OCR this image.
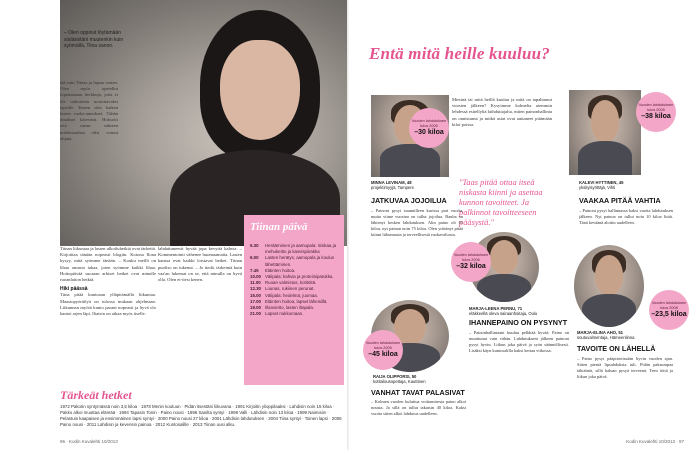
– Olen oppinut löytämään sisäisistäni muutenkin kuin syömällä, Tiina sanoo.
tää vain Tiinaa ja lapsia varten. Olen myös opetellut lopettamaan herkkuja, joita ei ole tarkoitettu nostettavaksi lapsille. Ennen söin kaiken lasten ruoka-annokset. Tähän ilmakset kätevästi. Hoksotti että ruoan suhteen mielenrauhaa olisi voinut ohjata.
Tiinan liikuntaa ja lasten ulkoiluhetkiä ovat tärkeitä. Kirjoittaa tänään nopeasti blogiin. Kotona Ilona kysyy, mitä syömme tänään. – Kouku meilli on lihaa omasta takaa, joten syömme kaikki lihaa. Hoitopäivää suoraan arkiset hetket ovat minulle ruoanlaiton hetkiä.
Hiki päässä
Tiina pitää kuntoaan ylläpitämällä liikuntaa. Maastopyöräilyä on tulossa mukaan ohjelmaan. Liikunnan myötä kunto parani nopeasti ja hyvä olo kantoi arjen läpi. Iltaisin on aikaa myös itselle.
lahdattuneesti hyvää jopa kevyttä kahvia. – Kommentointi vähenee huomaamatta. Lasten kanssa ovat kaikki loistavat hetket. Tiinan puoliso on tukenut. – Jo tiedä, tärkeintä kuin vaa'an lukemat on se, että minulla on hyvä olla. Olen ei-tiesi kenen.
Tiinan päivä
5.30	Heräämimen ja aamupala: riisikaa ja mehukeitto ja kasvispiirakka
6.00	Lasten herätys, aamupala ja koulun lähettäminen.
7.45	Eläinten hoitoa.
10.00 Välipala: kahvia ja proteiinipatukka.
11.00 Ruoan valmistus, kotitöitä.
12.30 Lounas, rukiinen perunat.
15.00 Välipala: hedelmä, juomaa.
17.00 Eläinten hoitoa, lapset läheisillä.
19.00 Illanvietto, lasten iltapala.
21.00 Lapset nukkumaan.
Tärkeät hetket
1972 Pakotin syntymässä noin 3,5 kiloa · 1978 Menin kouluun · Pidän itsestäni liikuvana · 1991 Kirjoitin ylioppilaaksi · Lahdisin noin 15 kiloa · Pakko alkoi muuttaa elämää · 1994 Tapasin Tonin · Paino nousi · 1996 Sanilta syntyi · 1998 Valli · Lähdisin noin 13 kiloa · 1999 Naimisiin · Pelastuin kaapaisen ja ensimmäinen lapsi syntyi · 2000 Paino nousi 27 kiloa · 2001 Lähdisin lahdutuksen · 2004 Tiina syntyi · Toinen lapsi · 2006 Paino nousi · 2011 Lahdisin ja kevensin painoa · 2012 Kuntosalille · 2013 Tiinan uusi alku.
96 · Kodin Kuvalehti 10/2013
Entä mitä heille kuuluu?
Mietinä tai mitä heillä kuuluu ja mitä on tapahtunut vuosien jälkeen? Kysyimme kolmelta aiemmin lehdessä esitellyltä laihduttajalta, miten painonhallinta on onnistunut ja mitkä asiat ovat auttaneet pitämään kilot poissa.
"Taas pitää ottaa itseä niskasta kiinni ja asettaa kunnon tavoitteet. Ja palkinnot tavoitteeseen pääsystä."
Vuoden lahdutuksen tulos 2005
–30 kiloa
MINNA LEVINAM, 48
projektimyyjä, Tampere
JATKUVAA JOJOILUA
– Painoni pysyi suunnilleen kurissa pari vuotta, mutta viime vuosina on tullut jojoilua. Rauha on lähtenyt kesken lahdutuksen. Alin paino oli 61 kiloa, nyt painan noin 75 kiloa. Olen yrittänyt pitää kiinni liikunnasta ja terveellisestä ruokavaliosta.
Vuoden lahdutuksen tulos 2008
–38 kiloa
KALEVI HYTTINEN, 45
yksityisyrittäjä, Vihti
VAAKAA PITÄÄ VAHTIA
– Painoni pysyi hallinnassa kaksi vuotta lahdutuksen jälkeen. Nyt painoa on tullut noin 10 kiloa lisää. Tänä keväänä aloitin uudelleen.
Vuoden lahdutuksen tulos 2006
–32 kiloa
MARJA-LEENA PERNU, 71
eläkkeellä oleva sairaanhoitaja, Oulu
IHANNEPAINO ON PYSYNYT
– Painonhallintaani kuuluu pelkkää hyvää. Paino on muuttunut vain vähän. Lahdutukseni jälkeen painoni pysyi hyvin. Liikun joka päivä ja syön säännöllisesti. Lisäksi käyn kuntosalilla kaksi kertaa viikossa.
Vuoden lahdutuksen tulos 2005
–45 kiloa
RAIJA OLIPPORSI, 50
kotitalousopettaja, Kauttinen
VANHAT TAVAT PALASIVAT
– Kolmen vuoden kuluttua voittamisesta paino alkoi nousta. Ja sillä on tullut takaisin 40 kiloa. Kaksi vuotta sitten alkoi lahdutus uudelleen.
Vuoden lahdutuksen tulos 2008
–23,5 kiloa
MARJA-ELINA AHO, 51
soutuvalmentaja, Hämeenlinna
TAVOITE ON LÄHELLÄ
– Paino pysyi pääpiirteissään hyvin vuoden ajan. Sitten pieniä lipsahduksia tuli. Pidän paksumpaa tähtäintä, sillä haluan pysyä terveenä. Teen töitä ja liikun joka päivä.
Kodin Kuvalehti 10/2013 · 97
